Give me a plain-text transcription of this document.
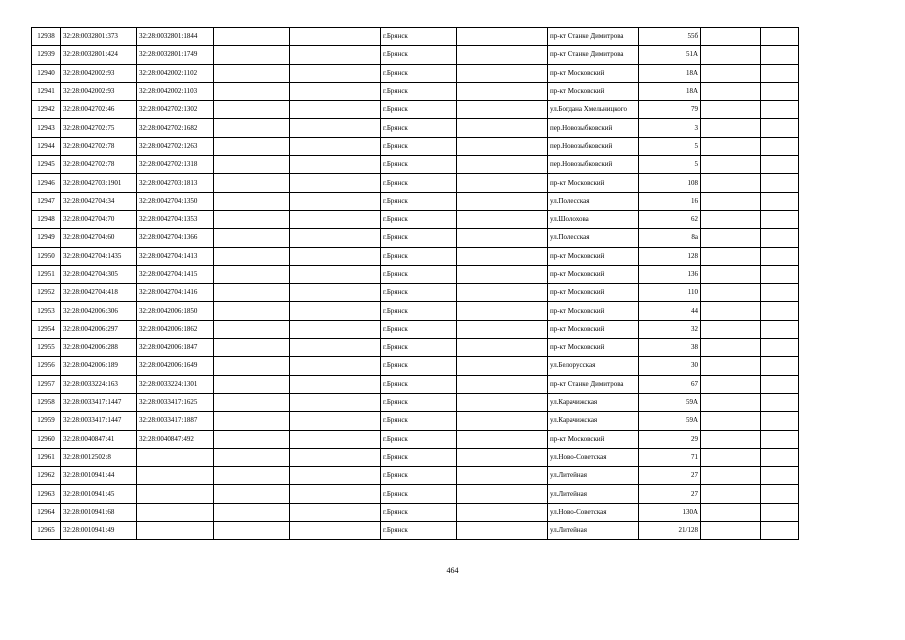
12938	32:28:0032801:373	32:28:0032801:1844			г.Брянск		пр-кт Станке Димитрова	55б		
12939	32:28:0032801:424	32:28:0032801:1749			г.Брянск		пр-кт Станке Димитрова	51А		
12940	32:28:0042002:93	32:28:0042002:1102			г.Брянск		пр-кт Московский	18А		
12941	32:28:0042002:93	32:28:0042002:1103			г.Брянск		пр-кт Московский	18А		
12942	32:28:0042702:46	32:28:0042702:1302			г.Брянск		ул.Богдана Хмельницкого	79		
12943	32:28:0042702:75	32:28:0042702:1682			г.Брянск		пер.Новозыбковский	3		
12944	32:28:0042702:78	32:28:0042702:1263			г.Брянск		пер.Новозыбковский	5		
12945	32:28:0042702:78	32:28:0042702:1318			г.Брянск		пер.Новозыбковский	5		
12946	32:28:0042703:1901	32:28:0042703:1813			г.Брянск		пр-кт Московский	108		
12947	32:28:0042704:34	32:28:0042704:1350			г.Брянск		ул.Полесская	16		
12948	32:28:0042704:70	32:28:0042704:1353			г.Брянск		ул.Шолохова	62		
12949	32:28:0042704:60	32:28:0042704:1366			г.Брянск		ул.Полесская	8а		
12950	32:28:0042704:1435	32:28:0042704:1413			г.Брянск		пр-кт Московский	128		
12951	32:28:0042704:305	32:28:0042704:1415			г.Брянск		пр-кт Московский	136		
12952	32:28:0042704:418	32:28:0042704:1416			г.Брянск		пр-кт Московский	110		
12953	32:28:0042006:306	32:28:0042006:1850			г.Брянск		пр-кт Московский	44		
12954	32:28:0042006:297	32:28:0042006:1862			г.Брянск		пр-кт Московский	32		
12955	32:28:0042006:288	32:28:0042006:1847			г.Брянск		пр-кт Московский	38		
12956	32:28:0042006:189	32:28:0042006:1649			г.Брянск		ул.Белорусская	30		
12957	32:28:0033224:163	32:28:0033224:1301			г.Брянск		пр-кт Станке Димитрова	67		
12958	32:28:0033417:1447	32:28:0033417:1625			г.Брянск		ул.Карачижская	59А		
12959	32:28:0033417:1447	32:28:0033417:1887			г.Брянск		ул.Карачижская	59А		
12960	32:28:0040847:41	32:28:0040847:492			г.Брянск		пр-кт Московский	29		
12961	32:28:0012502:8				г.Брянск		ул.Ново-Советская	71		
12962	32:28:0010941:44				г.Брянск		ул.Литейная	27		
12963	32:28:0010941:45				г.Брянск		ул.Литейная	27		
12964	32:28:0010941:68				г.Брянск		ул.Ново-Советская	130А		
12965	32:28:0010941:49				г.Брянск		ул.Литейная	21/128		
464
